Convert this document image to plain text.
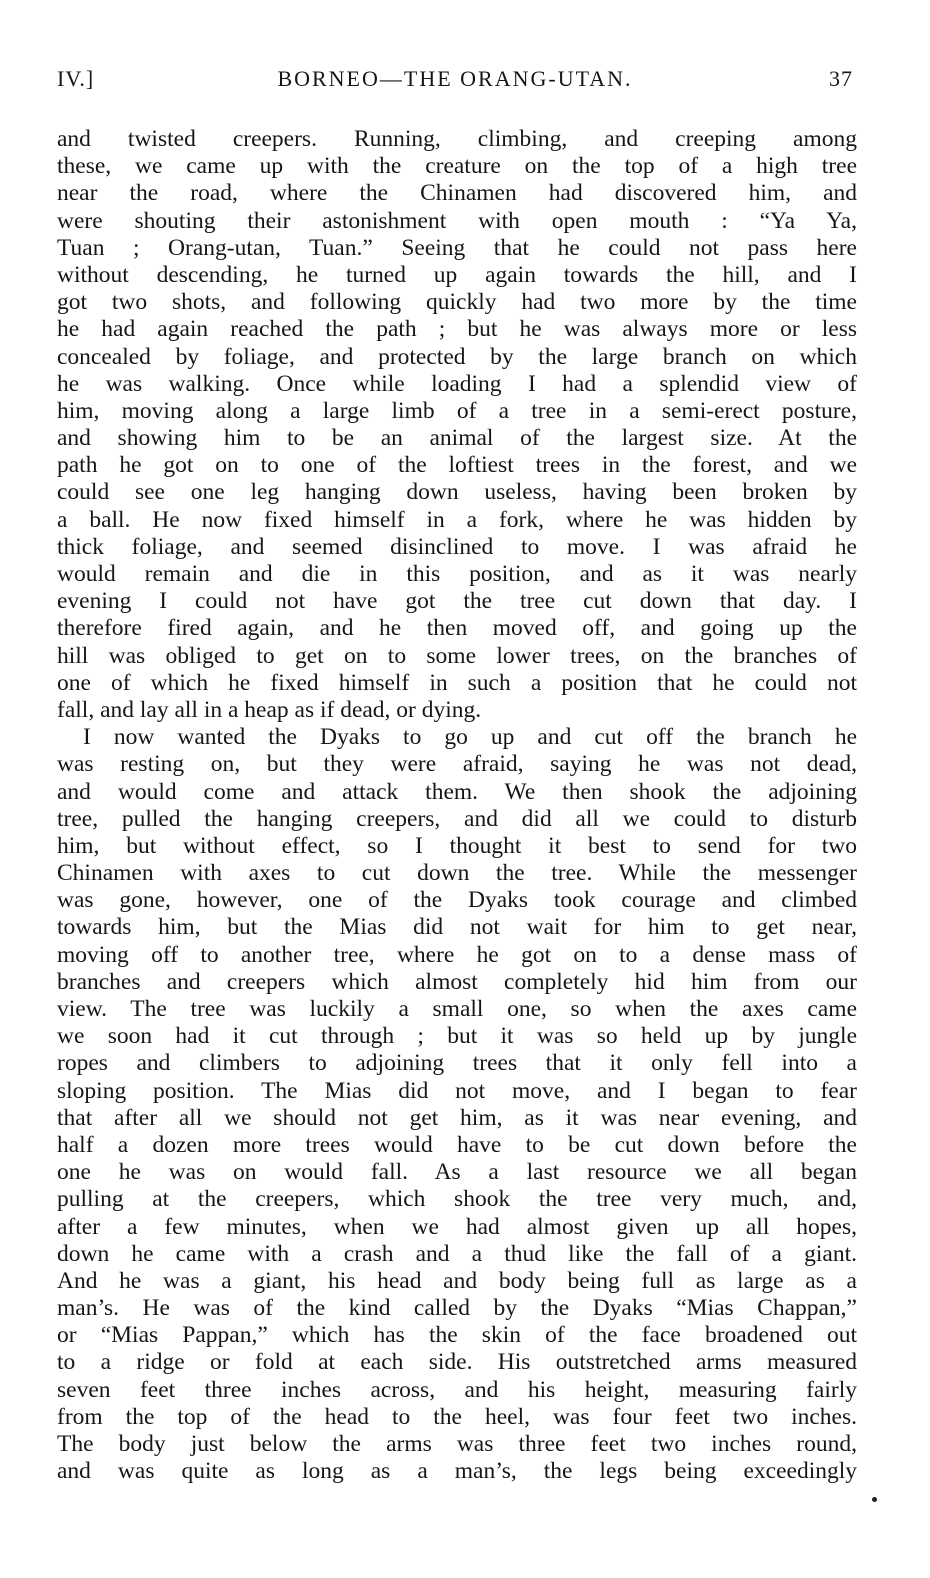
IV.]	BORNEO—THE ORANG-UTAN.	37
and twisted creepers. Running, climbing, and creeping among
these, we came up with the creature on the top of a high tree
near the road, where the Chinamen had discovered him, and
were shouting their astonishment with open mouth : “Ya Ya,
Tuan ; Orang-utan, Tuan.” Seeing that he could not pass here
without descending, he turned up again towards the hill, and I
got two shots, and following quickly had two more by the time
he had again reached the path ; but he was always more or less
concealed by foliage, and protected by the large branch on which
he was walking. Once while loading I had a splendid view of
him, moving along a large limb of a tree in a semi-erect posture,
and showing him to be an animal of the largest size. At the
path he got on to one of the loftiest trees in the forest, and we
could see one leg hanging down useless, having been broken by
a ball. He now fixed himself in a fork, where he was hidden by
thick foliage, and seemed disinclined to move. I was afraid he
would remain and die in this position, and as it was nearly
evening I could not have got the tree cut down that day. I
therefore fired again, and he then moved off, and going up the
hill was obliged to get on to some lower trees, on the branches of
one of which he fixed himself in such a position that he could not
fall, and lay all in a heap as if dead, or dying.
I now wanted the Dyaks to go up and cut off the branch he
was resting on, but they were afraid, saying he was not dead,
and would come and attack them. We then shook the adjoining
tree, pulled the hanging creepers, and did all we could to disturb
him, but without effect, so I thought it best to send for two
Chinamen with axes to cut down the tree. While the messenger
was gone, however, one of the Dyaks took courage and climbed
towards him, but the Mias did not wait for him to get near,
moving off to another tree, where he got on to a dense mass of
branches and creepers which almost completely hid him from our
view. The tree was luckily a small one, so when the axes came
we soon had it cut through ; but it was so held up by jungle
ropes and climbers to adjoining trees that it only fell into a
sloping position. The Mias did not move, and I began to fear
that after all we should not get him, as it was near evening, and
half a dozen more trees would have to be cut down before the
one he was on would fall. As a last resource we all began
pulling at the creepers, which shook the tree very much, and,
after a few minutes, when we had almost given up all hopes,
down he came with a crash and a thud like the fall of a giant.
And he was a giant, his head and body being full as large as a
man’s. He was of the kind called by the Dyaks “Mias Chappan,”
or “Mias Pappan,” which has the skin of the face broadened out
to a ridge or fold at each side. His outstretched arms measured
seven feet three inches across, and his height, measuring fairly
from the top of the head to the heel, was four feet two inches.
The body just below the arms was three feet two inches round,
and was quite as long as a man’s, the legs being exceedingly
